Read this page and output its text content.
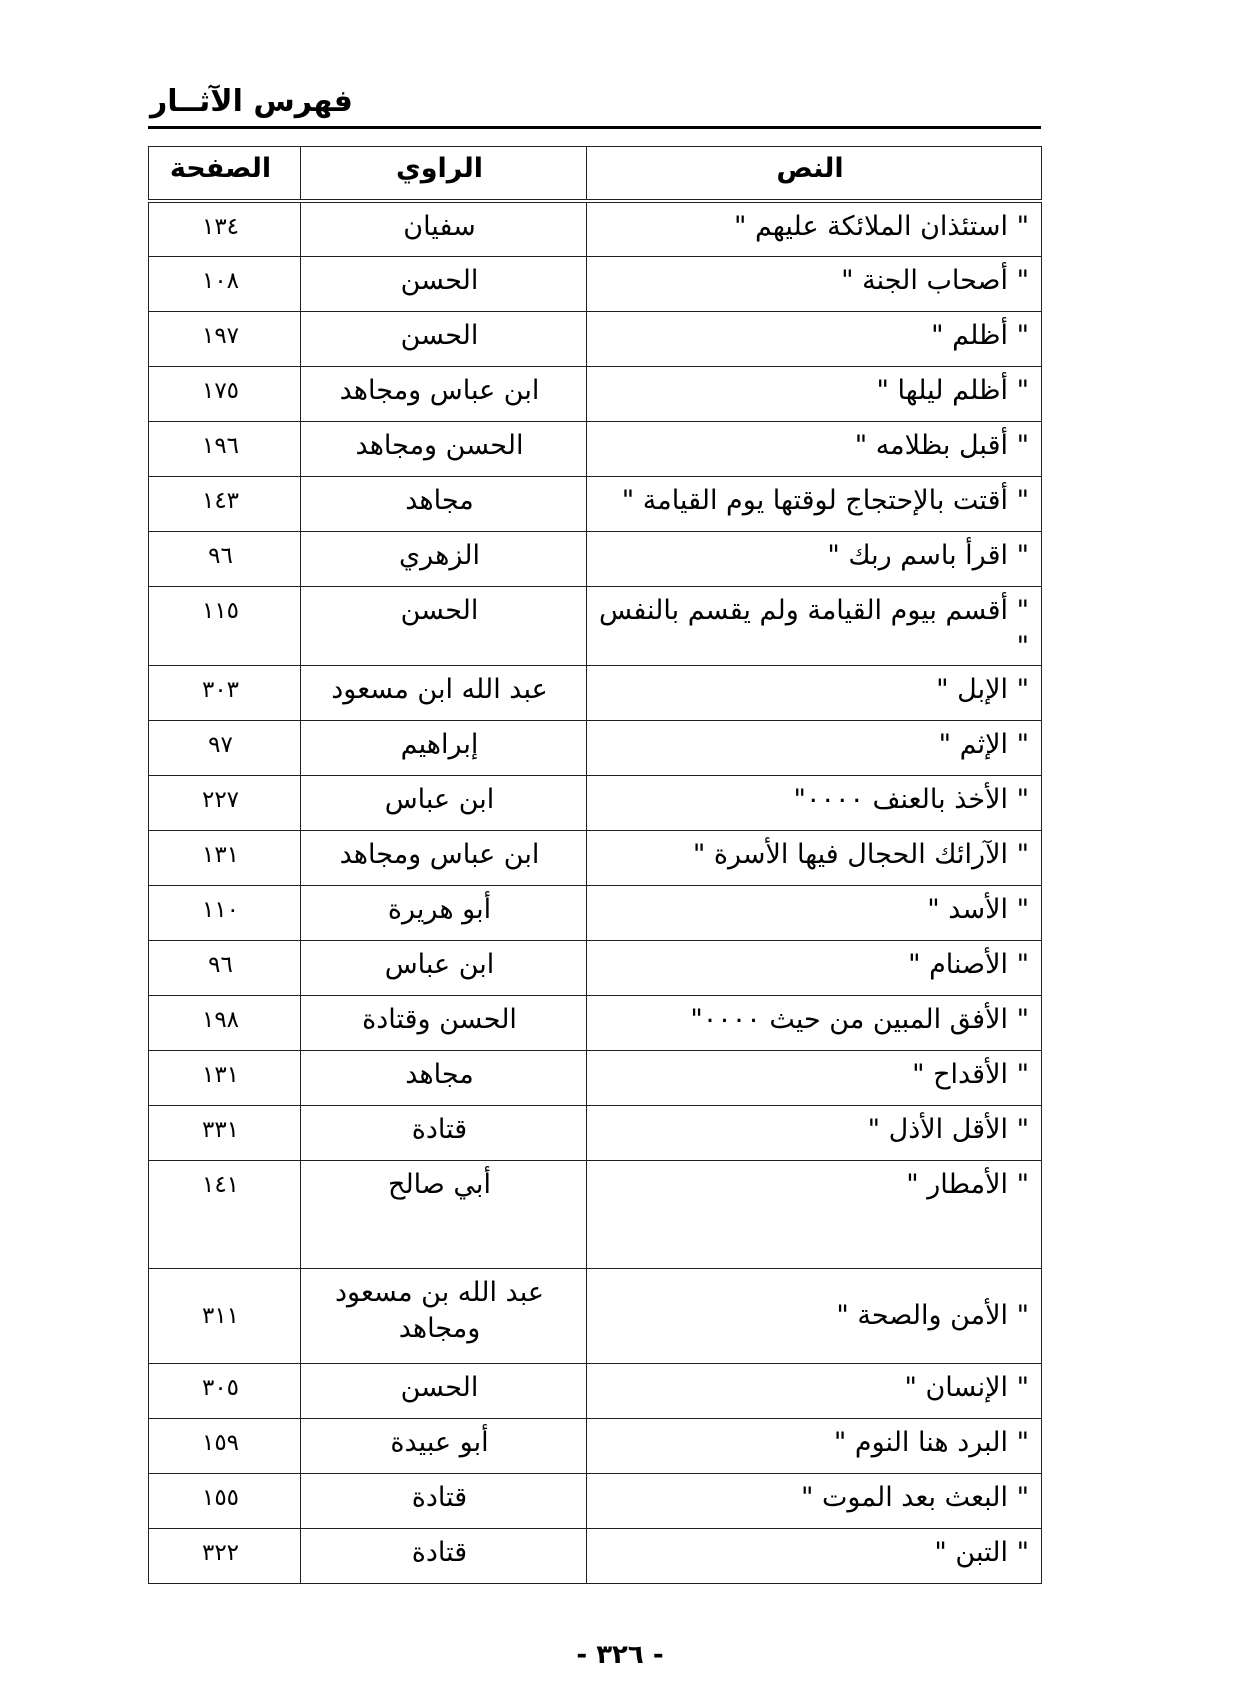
فهرس الآثــار
النص	الراوي	الصفحة
" استئذان الملائكة عليهم "	سفيان	١٣٤
" أصحاب الجنة "	الحسن	١٠٨
" أظلم "	الحسن	١٩٧
" أظلم ليلها "	ابن عباس ومجاهد	١٧٥
" أقبل بظلامه "	الحسن ومجاهد	١٩٦
" أقتت بالإحتجاج لوقتها يوم القيامة "	مجاهد	١٤٣
" اقرأ باسم ربك "	الزهري	٩٦
" أقسم بيوم القيامة ولم يقسم بالنفس "	الحسن	١١٥
" الإبل "	عبد الله ابن مسعود	٣٠٣
" الإثم "	إبراهيم	٩٧
" الأخذ بالعنف ٠٠٠٠"	ابن عباس	٢٢٧
" الآرائك الحجال فيها الأسرة "	ابن عباس ومجاهد	١٣١
" الأسد "	أبو هريرة	١١٠
" الأصنام "	ابن عباس	٩٦
" الأفق المبين من حيث ٠٠٠٠"	الحسن وقتادة	١٩٨
" الأقداح "	مجاهد	١٣١
" الأقل الأذل "	قتادة	٣٣١
" الأمطار "	أبي صالح	١٤١
" الأمن والصحة "	عبد الله بن مسعود ومجاهد	٣١١
" الإنسان "	الحسن	٣٠٥
" البرد هنا النوم "	أبو عبيدة	١٥٩
" البعث بعد الموت "	قتادة	١٥٥
" التبن "	قتادة	٣٢٢
- ٣٢٦ -
